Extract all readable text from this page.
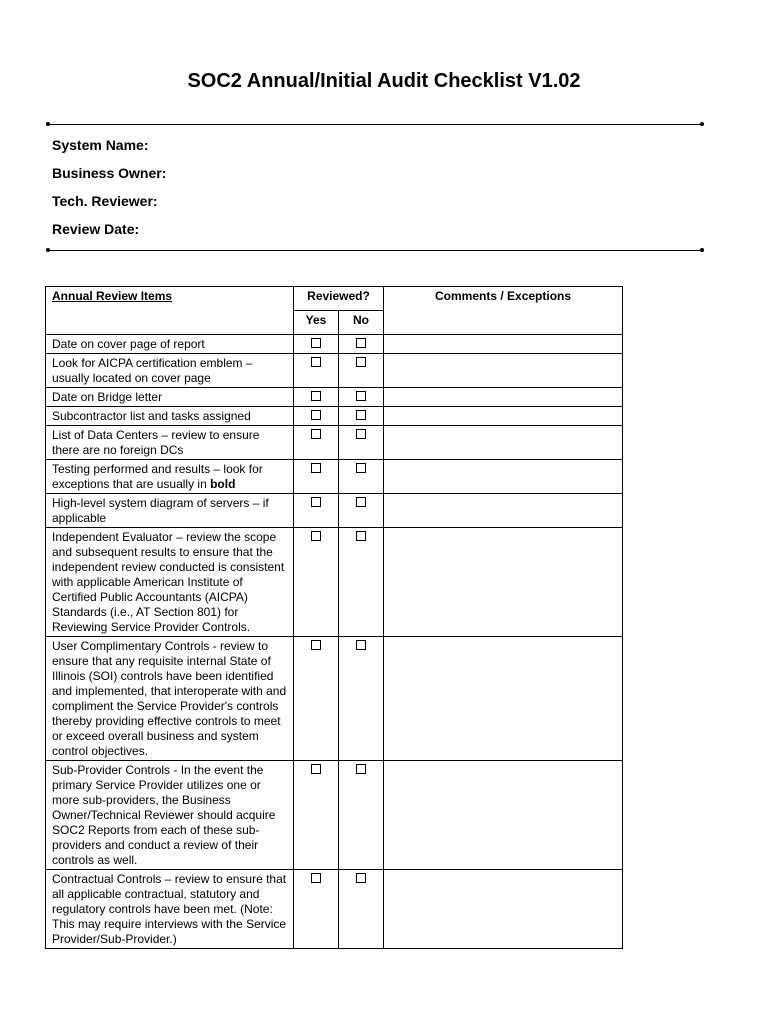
SOC2 Annual/Initial Audit Checklist V1.02
System Name:
Business Owner:
Tech. Reviewer:
Review Date:
Annual Review Items	Reviewed?		Comments / Exceptions
	Yes	No	
Date on cover page of report			
Look for AICPA certification emblem – usually located on cover page			
Date on Bridge letter			
Subcontractor list and tasks assigned			
List of Data Centers – review to ensure there are no foreign DCs			
Testing performed and results – look for exceptions that are usually in bold			
High-level system diagram of servers – if applicable			
Independent Evaluator – review the scope and subsequent results to ensure that the independent review conducted is consistent with applicable American Institute of Certified Public Accountants (AICPA) Standards (i.e., AT Section 801) for Reviewing Service Provider Controls.			
User Complimentary Controls - review to ensure that any requisite internal State of Illinois (SOI) controls have been identified and implemented, that interoperate with and compliment the Service Provider's controls thereby providing effective controls to meet or exceed overall business and system control objectives.			
Sub-Provider Controls - In the event the primary Service Provider utilizes one or more sub-providers, the Business Owner/Technical Reviewer should acquire SOC2 Reports from each of these sub-providers and conduct a review of their controls as well.			
Contractual Controls – review to ensure that all applicable contractual, statutory and regulatory controls have been met. (Note: This may require interviews with the Service Provider/Sub-Provider.)			
